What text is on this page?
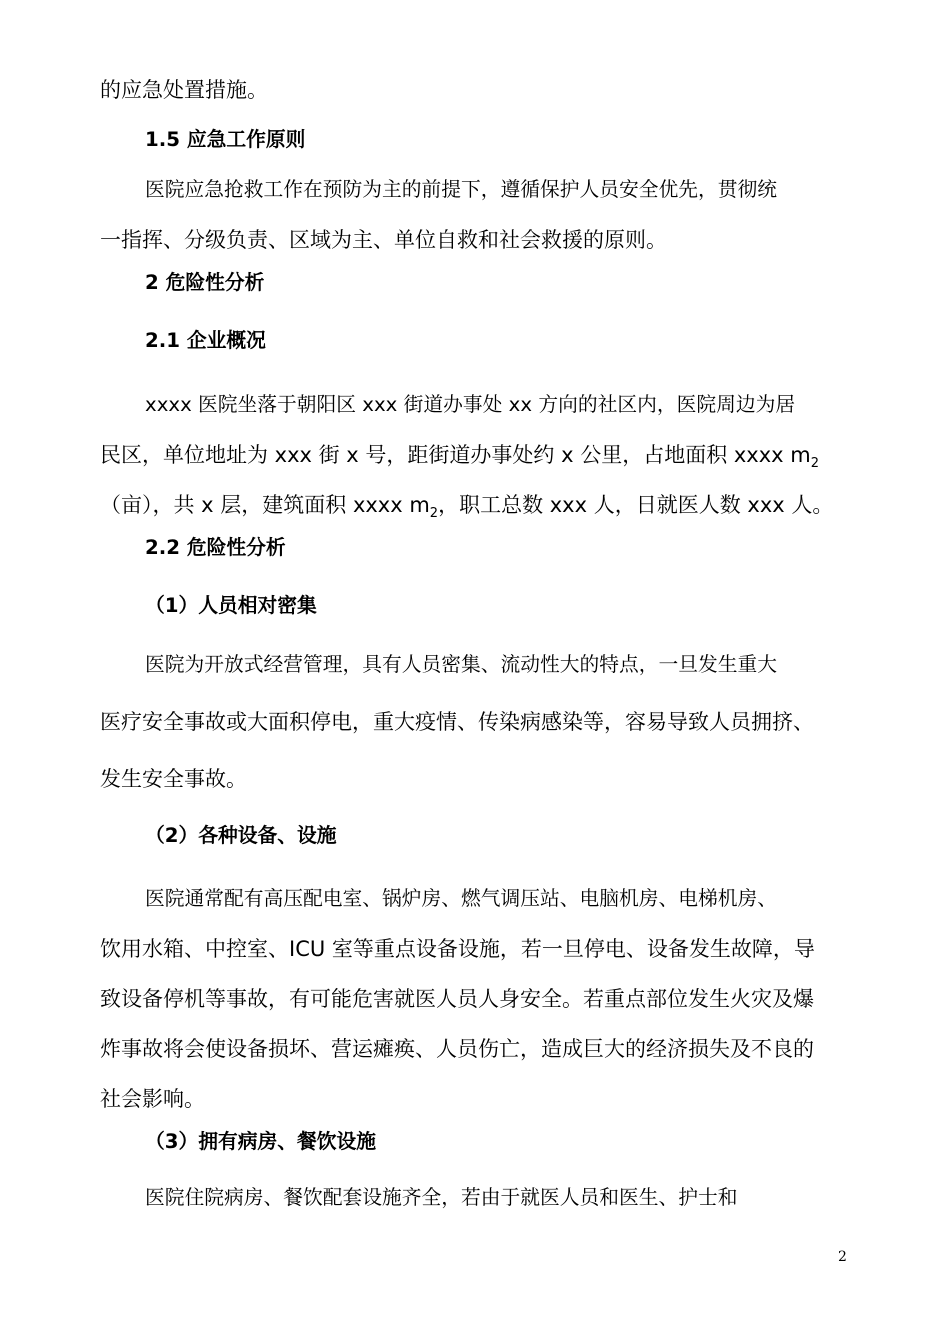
的应急处置措施。
1.5 应急工作原则
医院应急抢救工作在预防为主的前提下，遵循保护人员安全优先，贯彻统
一指挥、分级负责、区域为主、单位自救和社会救援的原则。
2 危险性分析
2.1 企业概况
xxxx 医院坐落于朝阳区 xxx 街道办事处 xx 方向的社区内，医院周边为居
民区，单位地址为 xxx 街 x 号，距街道办事处约 x 公里，占地面积 xxxx $m_2$
（亩），共 x 层，建筑面积 xxxx $m_2$，职工总数 xxx 人，日就医人数 xxx 人。
2.2 危险性分析
（1）人员相对密集
医院为开放式经营管理，具有人员密集、流动性大的特点，一旦发生重大
医疗安全事故或大面积停电，重大疫情、传染病感染等，容易导致人员拥挤、
发生安全事故。
（2）各种设备、设施
医院通常配有高压配电室、锅炉房、燃气调压站、电脑机房、电梯机房、
饮用水箱、中控室、ICU 室等重点设备设施，若一旦停电、设备发生故障，导
致设备停机等事故，有可能危害就医人员人身安全。若重点部位发生火灾及爆
炸事故将会使设备损坏、营运瘫痪、人员伤亡，造成巨大的经济损失及不良的
社会影响。
（3）拥有病房、餐饮设施
医院住院病房、餐饮配套设施齐全，若由于就医人员和医生、护士和
2
